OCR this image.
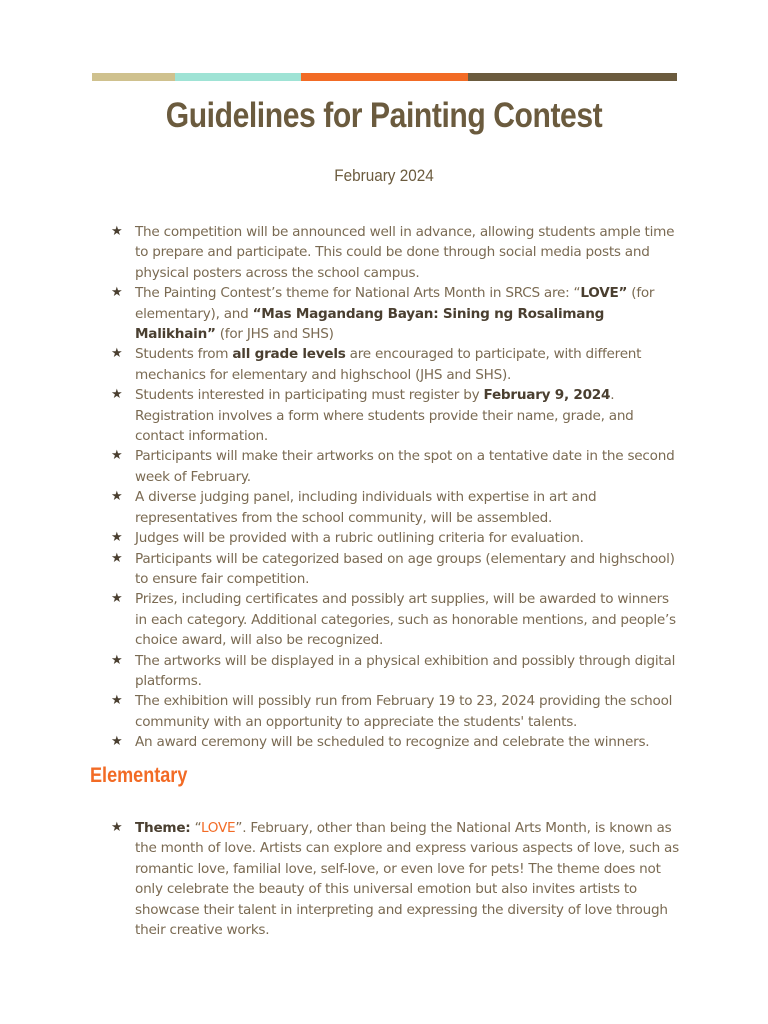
Guidelines for Painting Contest
February 2024
★ The competition will be announced well in advance, allowing students ample time to prepare and participate. This could be done through social media posts and physical posters across the school campus.
★ The Painting Contest’s theme for National Arts Month in SRCS are: “LOVE” (for elementary), and “Mas Magandang Bayan: Sining ng Rosalimang Malikhain” (for JHS and SHS)
★ Students from all grade levels are encouraged to participate, with different mechanics for elementary and highschool (JHS and SHS).
★ Students interested in participating must register by February 9, 2024. Registration involves a form where students provide their name, grade, and contact information.
★ Participants will make their artworks on the spot on a tentative date in the second week of February.
★ A diverse judging panel, including individuals with expertise in art and representatives from the school community, will be assembled.
★ Judges will be provided with a rubric outlining criteria for evaluation.
★ Participants will be categorized based on age groups (elementary and highschool) to ensure fair competition.
★ Prizes, including certificates and possibly art supplies, will be awarded to winners in each category. Additional categories, such as honorable mentions, and people’s choice award, will also be recognized.
★ The artworks will be displayed in a physical exhibition and possibly through digital platforms.
★ The exhibition will possibly run from February 19 to 23, 2024 providing the school community with an opportunity to appreciate the students' talents.
★ An award ceremony will be scheduled to recognize and celebrate the winners.
Elementary
★ Theme: “LOVE”. February, other than being the National Arts Month, is known as the month of love. Artists can explore and express various aspects of love, such as romantic love, familial love, self-love, or even love for pets! The theme does not only celebrate the beauty of this universal emotion but also invites artists to showcase their talent in interpreting and expressing the diversity of love through their creative works.
